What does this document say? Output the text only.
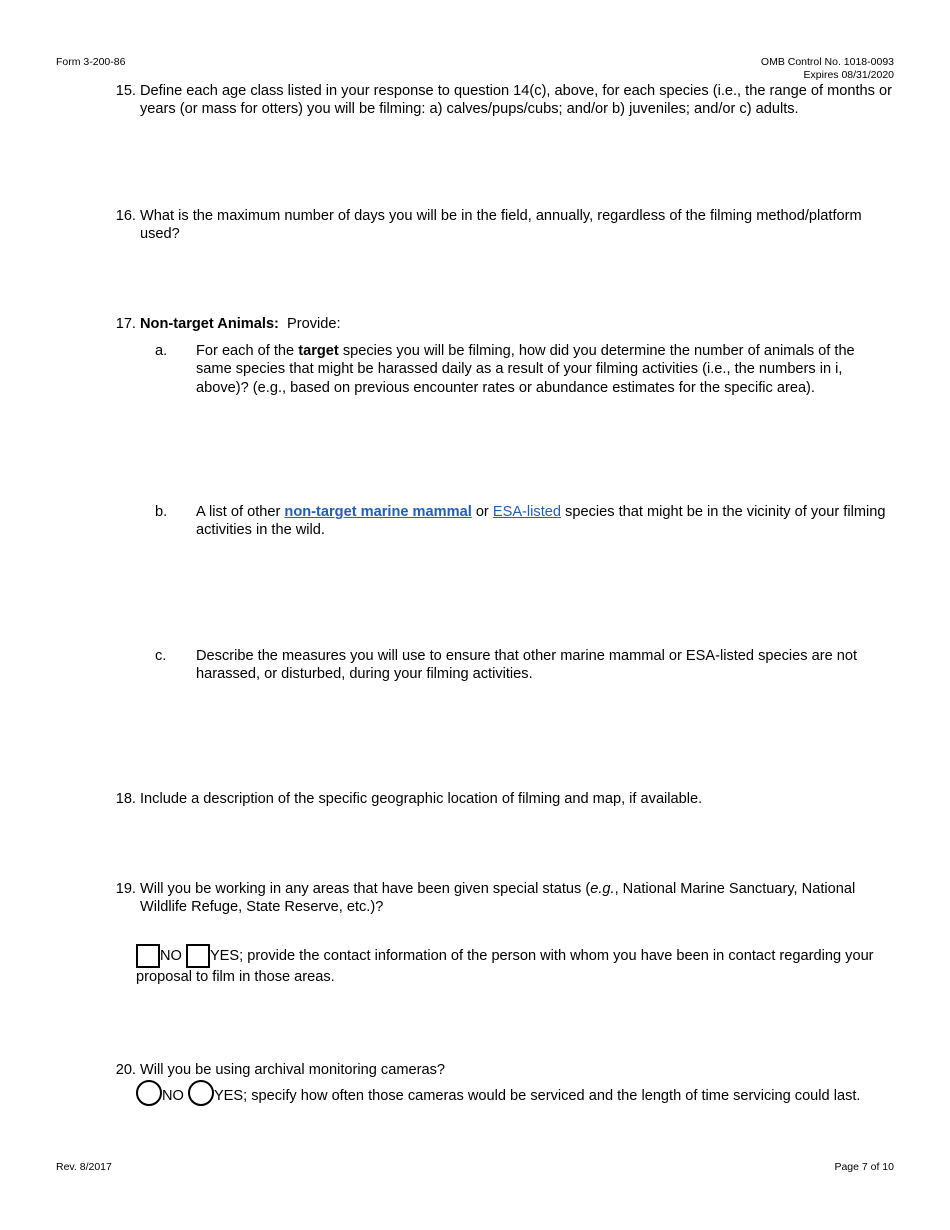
Form 3-200-86	OMB Control No. 1018-0093
Expires 08/31/2020
15. Define each age class listed in your response to question 14(c), above, for each species (i.e., the range of months or years (or mass for otters) you will be filming: a) calves/pups/cubs; and/or b) juveniles; and/or c) adults.
16. What is the maximum number of days you will be in the field, annually, regardless of the filming method/platform used?
17. Non-target Animals: Provide:
a. For each of the target species you will be filming, how did you determine the number of animals of the same species that might be harassed daily as a result of your filming activities (i.e., the numbers in i, above)? (e.g., based on previous encounter rates or abundance estimates for the specific area).
b. A list of other non-target marine mammal or ESA-listed species that might be in the vicinity of your filming activities in the wild.
c. Describe the measures you will use to ensure that other marine mammal or ESA-listed species are not harassed, or disturbed, during your filming activities.
18. Include a description of the specific geographic location of filming and map, if available.
19. Will you be working in any areas that have been given special status (e.g., National Marine Sanctuary, National Wildlife Refuge, State Reserve, etc.)?
NO YES; provide the contact information of the person with whom you have been in contact regarding your proposal to film in those areas.
20. Will you be using archival monitoring cameras?
NO YES; specify how often those cameras would be serviced and the length of time servicing could last.
Rev. 8/2017	Page 7 of 10
